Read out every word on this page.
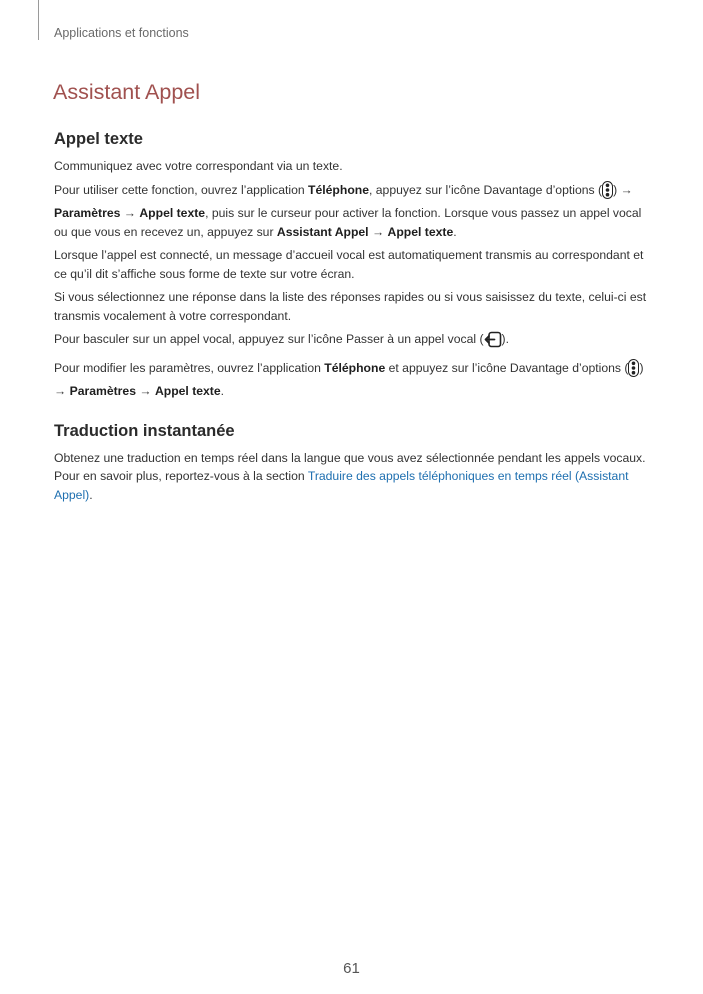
Applications et fonctions
Assistant Appel
Appel texte

Communiquez avec votre correspondant via un texte.

Pour utiliser cette fonction, ouvrez l’application Téléphone, appuyez sur l’icône Davantage d’options ( ) → Paramètres → Appel texte, puis sur le curseur pour activer la fonction. Lorsque vous passez un appel vocal ou que vous en recevez un, appuyez sur Assistant Appel → Appel texte.

Lorsque l’appel est connecté, un message d’accueil vocal est automatiquement transmis au correspondant et ce qu’il dit s’affiche sous forme de texte sur votre écran.

Si vous sélectionnez une réponse dans la liste des réponses rapides ou si vous saisissez du texte, celui-ci est transmis vocalement à votre correspondant.

Pour basculer sur un appel vocal, appuyez sur l’icône Passer à un appel vocal ( ).

Pour modifier les paramètres, ouvrez l’application Téléphone et appuyez sur l’icône Davantage d’options ( ) → Paramètres → Appel texte.

Traduction instantanée

Obtenez une traduction en temps réel dans la langue que vous avez sélectionnée pendant les appels vocaux. Pour en savoir plus, reportez-vous à la section Traduire des appels téléphoniques en temps réel (Assistant Appel).

61
